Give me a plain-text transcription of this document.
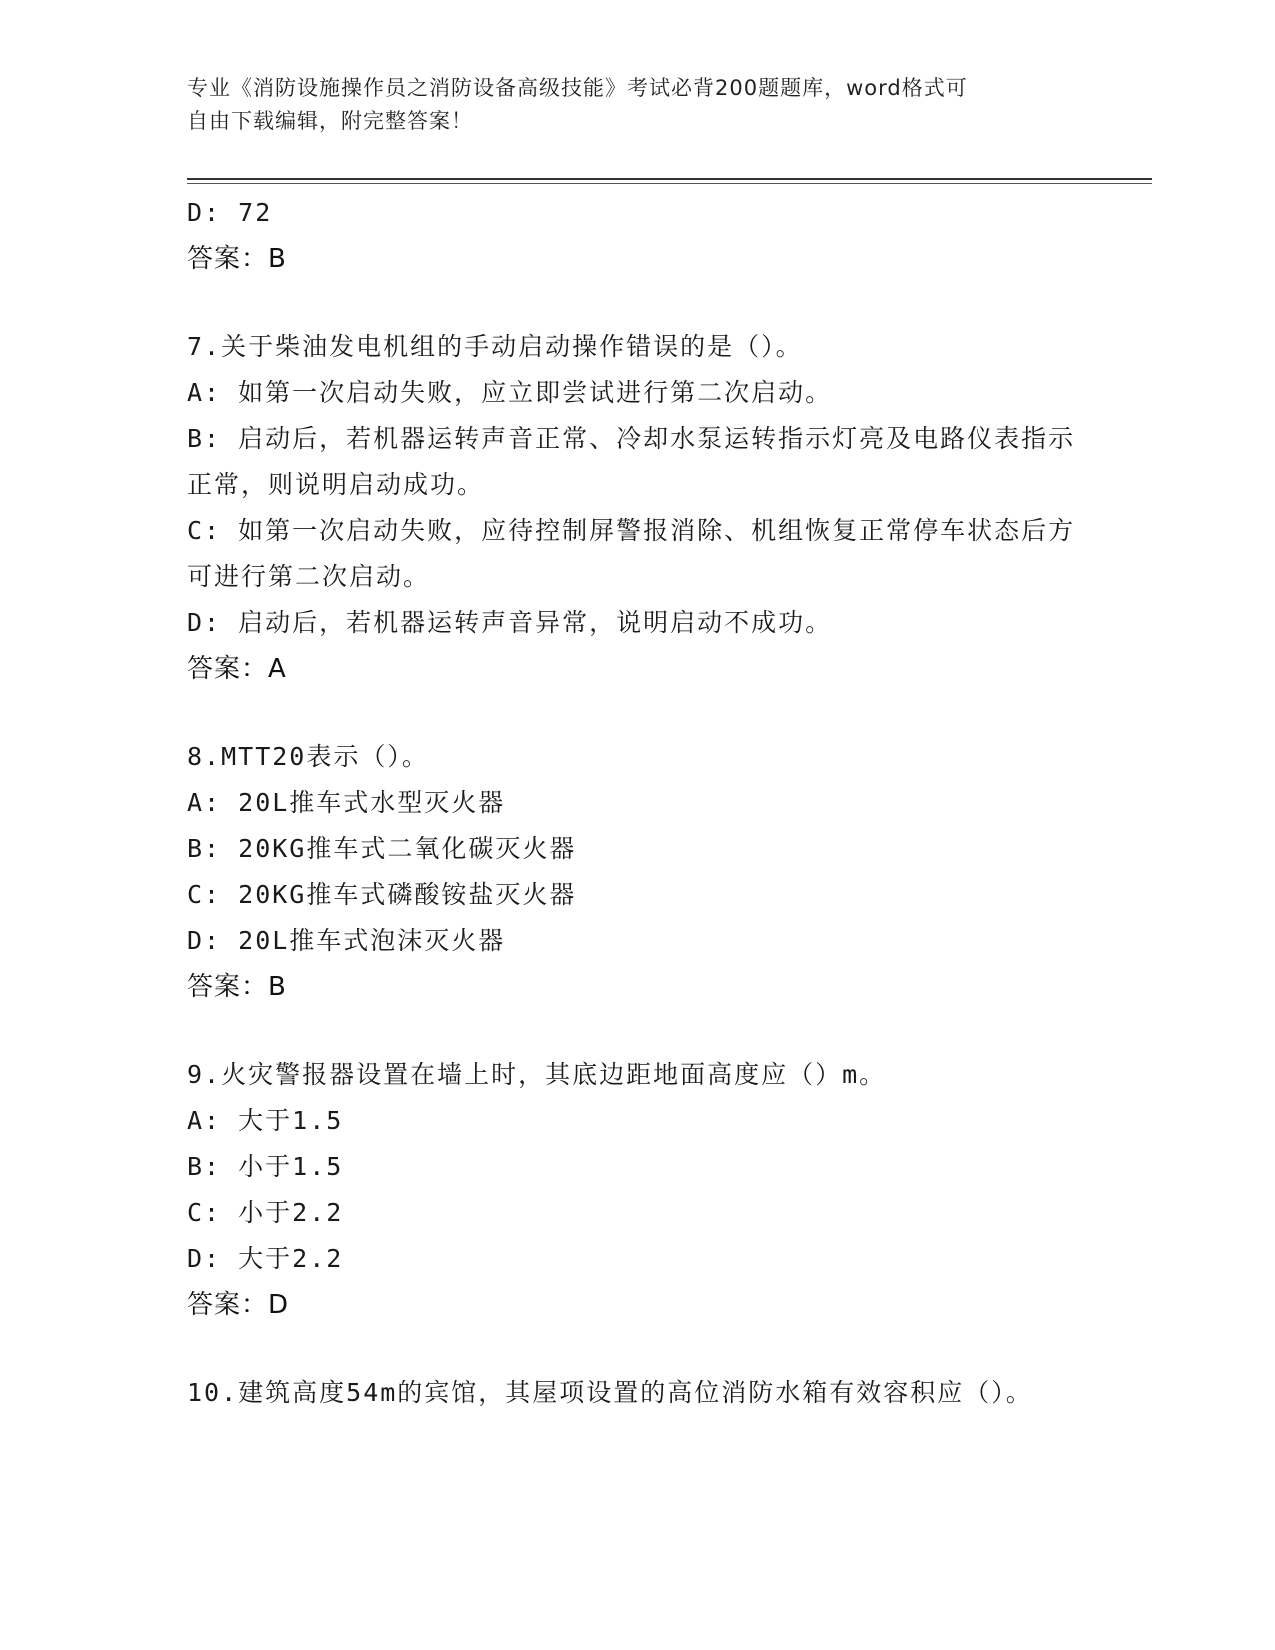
专业《消防设施操作员之消防设备高级技能》考试必背200题题库，word格式可
自由下载编辑，附完整答案！
D: 72
答案：B
7.关于柴油发电机组的手动启动操作错误的是（）。
A: 如第一次启动失败，应立即尝试进行第二次启动。
B: 启动后，若机器运转声音正常、冷却水泵运转指示灯亮及电路仪表指示正常，则说明启动成功。
C: 如第一次启动失败，应待控制屏警报消除、机组恢复正常停车状态后方可进行第二次启动。
D: 启动后，若机器运转声音异常，说明启动不成功。
答案：A
8.MTT20表示（）。
A: 20L推车式水型灭火器
B: 20KG推车式二氧化碳灭火器
C: 20KG推车式磷酸铵盐灭火器
D: 20L推车式泡沫灭火器
答案：B
9.火灾警报器设置在墙上时，其底边距地面高度应（）m。
A: 大于1.5
B: 小于1.5
C: 小于2.2
D: 大于2.2
答案：D
10.建筑高度54m的宾馆，其屋项设置的高位消防水箱有效容积应（）。
